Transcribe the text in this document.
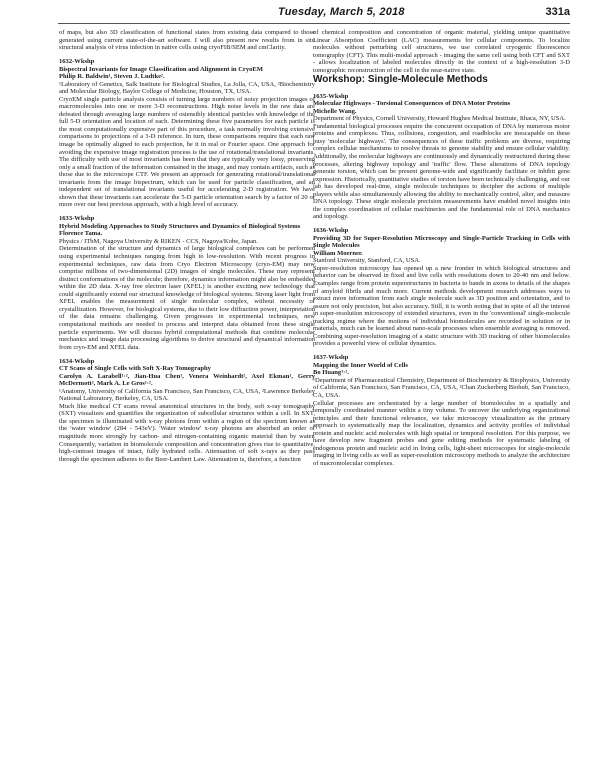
Tuesday, March 5, 2018	331a

of maps, but also 3D classification of functional states from existing data compared to those generated using current state-of-the-art software. I will also present new results from in situ structural analysis of virus infection in native cells using cryoFIB/SEM and cmClarity.

1632-Wkshp

Bispectral Invariants for Image Classification and Alignment in CryoEM

Philip R. Baldwin¹, Steven J. Ludtke².

¹Laboratory of Genetics, Salk Institute for Biological Studies, La Jolla, CA, USA, ²Biochemistry and Molecular Biology, Baylor College of Medicine, Houston, TX, USA.

CryoEM single particle analysis consists of turning large numbers of noisy projection images of macromolecules into one or more 3-D reconstructions. High noise levels in the raw data are defeated through averaging large numbers of ostensibly identical particles with knowledge of the full 5-D orientation and location of each. Determining these five parameters for each particle is the most computationally expensive part of this procedure, a task normally involving extensive comparisons to projections of a 3-D reference. In turn, these comparisons require that each raw image be optimally aligned to each projection, be it in real or Fourier space. One approach for avoiding the expensive image registration process is the use of rotational/translational invariants. The difficulty with use of most invariants has been that they are typically very lossy, preserving only a small fraction of the information contained in the image, and may contain artifacts, such as those due to the microscope CTF. We present an approach for generating rotational/translational invariants from the image bispectrum, which can be used for particle classification, and an independent set of translational invariants useful for accelerating 2-D registration. We have shown that these invariants can accelerate the 5-D particle orientation search by a factor of 20 or more over our best previous approach, with a high level of accuracy.

1633-Wkshp

Hybrid Modeling Approaches to Study Structures and Dynamics of Biological Systems

Florence Tama.

Physics / ITbM, Nagoya University & RIKEN - CCS, Nagoya/Kobe, Japan.

Determination of the structure and dynamics of large biological complexes can be performed using experimental techniques ranging from high to low-resolution. With recent progress in experimental techniques, raw data from Cryo Electron Microscopy (cryo-EM) may now comprise millions of two-dimensional (2D) images of single molecules. These may represent distinct conformations of the molecule; therefore, dynamics information might also be embedded within the 2D data. X-ray free electron laser (XFEL) is another exciting new technology that could significantly extend our structural knowledge of biological systems. Strong laser light from XFEL enables the measurement of single molecular complex, without necessity of crystallization. However, for biological systems, due to their low diffraction power, interpretation of the data remains challenging. Given progresses in experimental techniques, new computational methods are needed to process and interpret data obtained from these single particle experiments. We will discuss hybrid computational methods that combine molecular mechanics and image data processing algorithms to derive structural and dynamical information from cryo-EM and XFEL data.

1634-Wkshp

CT Scans of Single Cells with Soft X-Ray Tomography

Carolyn A. Larabell¹·², Jian-Hua Chen¹, Venera Weinhardt², Axel Ekman¹, Gerry McDermott², Mark A. Le Gros¹·².

¹Anatomy, University of California San Francisco, San Francisco, CA, USA, ²Lawrence Berkeley National Laboratory, Berkeley, CA, USA.

Much like medical CT scans reveal anatomical structures in the body, soft x-ray tomography (SXT) visualizes and quantifies the organization of subcellular structures within a cell. In SXT, the specimen is illuminated with x-ray photons from within a region of the spectrum known as the 'water window' (284 - 543eV). 'Water window' x-ray photons are absorbed an order of magnitude more strongly by carbon- and nitrogen-containing organic material than by water. Consequently, variation in biomolecule composition and concentration gives rise to quantitative, high-contrast images of intact, fully hydrated cells. Attenuation of soft x-rays as they pass through the specimen adheres to the Beer-Lambert Law. Attenuation is, therefore, a function

of chemical composition and concentration of organic material, yielding unique quantitative Linear Absorption Coefficient (LAC) measurements for cellular components. To localize molecules without perturbing cell structures, we use correlated cryogenic fluorescence tomography (CFT). This multi-modal approach - imaging the same cell using both CFT and SXT - allows localization of labeled molecules directly in the context of a high-resolution 3-D tomographic reconstruction of the cell in the near-native state.

Workshop: Single-Molecule Methods

1635-Wkshp

Molecular Highways - Torsional Consequences of DNA Motor Proteins

Michelle Wang.

Department of Physics, Cornell University, Howard Hughes Medical Institute, Ithaca, NY, USA.

Fundamental biological processes require the concurrent occupation of DNA by numerous motor proteins and complexes. Thus, collisions, congestion, and roadblocks are inescapable on these busy 'molecular highways'. The consequences of these traffic problems are diverse, requiring complex cellular mechanisms to resolve threats to genome stability and ensure cellular viability. Additionally, the molecular highways are continuously and dynamically restructured during these processes, altering highway topology and 'traffic' flow. These alterations of DNA topology generate torsion, which can be present genome-wide and significantly facilitate or inhibit gene expression. Historically, quantitative studies of torsion have been technically challenging, and our lab has developed real-time, single molecule techniques to decipher the actions of multiple players while also simultaneously allowing the ability to mechanically control, alter, and measure DNA topology. These single molecule precision measurements have enabled novel insights into the complex coordination of cellular machineries and the fundamental role of DNA mechanics and topology.

1636-Wkshp

Providing 3D for Super-Resolution Microscopy and Single-Particle Tracking in Cells with Single Molecules

William Moerner.

Stanford University, Stanford, CA, USA.

Super-resolution microscopy has opened up a new frontier in which biological structures and behavior can be observed in fixed and live cells with resolutions down to 20-40 nm and below. Examples range from protein superstructures in bacteria to bands in axons to details of the shapes of amyloid fibrils and much more. Current methods development research addresses ways to extract more information from each single molecule such as 3D position and orientation, and to assure not only precision, but also accuracy. Still, it is worth noting that in spite of all the interest in super-resolution microscopy of extended structures, even in the 'conventional' single-molecule tracking regime where the motions of individual biomolecules are recorded in solution or in materials, much can be learned about nano-scale processes when ensemble averaging is removed. Combining super-resolution imaging of a static structure with 3D tracking of other biomolecules provides a powerful view of cellular dynamics.

1637-Wkshp

Mapping the Inner World of Cells

Bo Huang¹·².

¹Department of Pharmaceutical Chemistry, Department of Biochemistry & Biophysics, University of California, San Francisco, San Francisco, CA, USA, ²Chan Zuckerberg Biohub, San Francisco, CA, USA.

Cellular processes are orchestrated by a large number of biomolecules in a spatially and temporally coordinated manner within a tiny volume. To uncover the underlying organizational principles and their functional relevance, we take microscopy visualization as the primary approach to systematically map the localization, dynamics and activity profiles of individual protein and nucleic acid molecules with high spatial or temporal resolution. For this purpose, we have develop new fragment probes and gene editing methods for systematic labeling of endogenous protein and nucleic acid in living cells, light-sheet microscopes for single-molecule imaging in living cells as well as super-resolution microscopy methods to analyze the architecture of macromolecular complexes.
